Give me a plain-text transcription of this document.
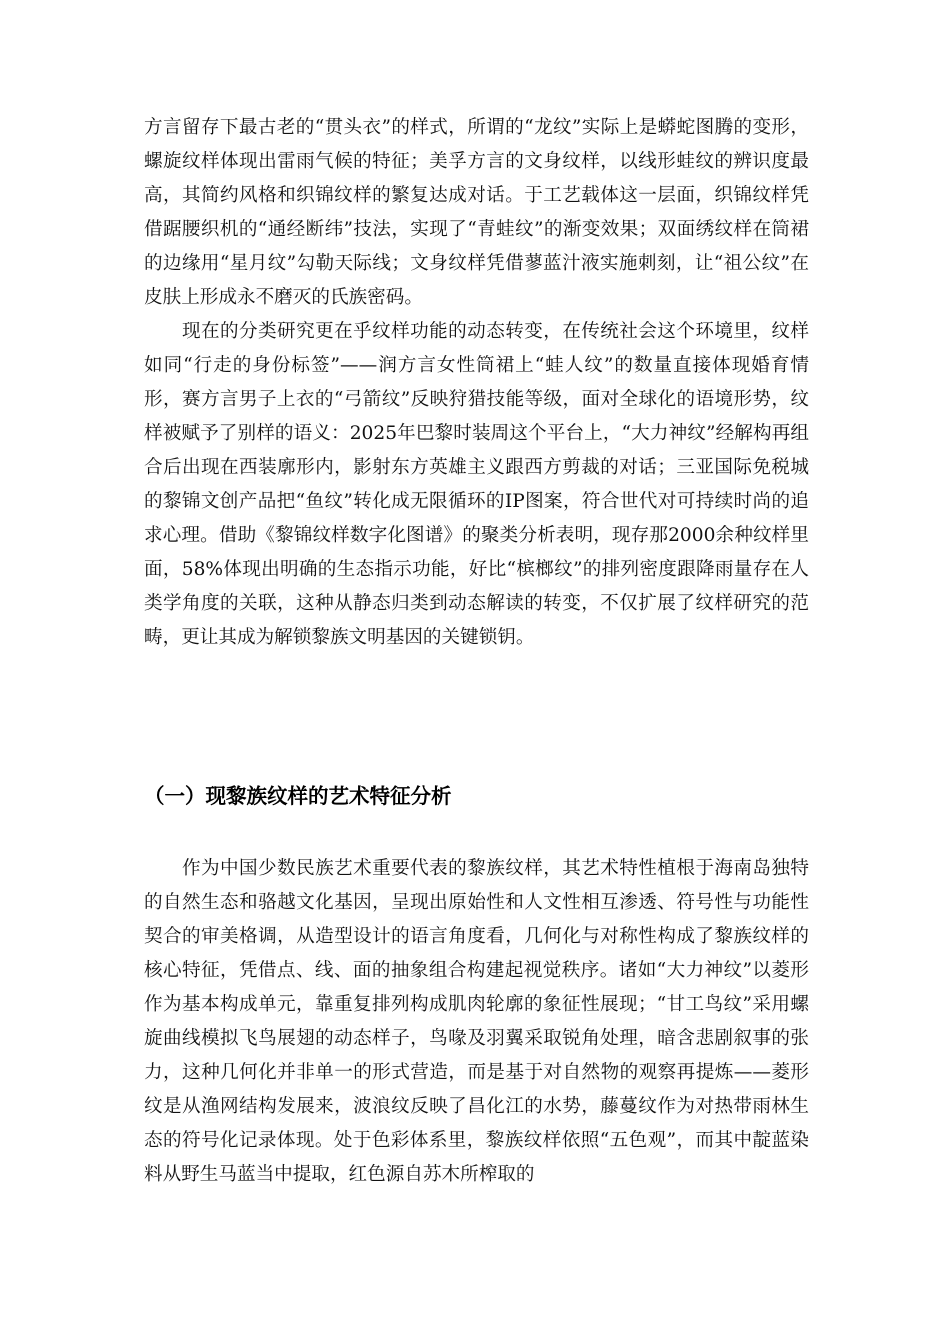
方言留存下最古老的“贯头衣”的样式，所谓的“龙纹”实际上是蟒蛇图腾的变形，螺旋纹样体现出雷雨气候的特征；美孚方言的文身纹样，以线形蛙纹的辨识度最高，其简约风格和织锦纹样的繁复达成对话。于工艺载体这一层面，织锦纹样凭借踞腰织机的“通经断纬”技法，实现了“青蛙纹”的渐变效果；双面绣纹样在筒裙的边缘用“星月纹”勾勒天际线；文身纹样凭借蓼蓝汁液实施刺刻，让“祖公纹”在皮肤上形成永不磨灭的氏族密码。

现在的分类研究更在乎纹样功能的动态转变，在传统社会这个环境里，纹样如同“行走的身份标签”——润方言女性筒裙上“蛙人纹”的数量直接体现婚育情形，赛方言男子上衣的“弓箭纹”反映狩猎技能等级，面对全球化的语境形势，纹样被赋予了别样的语义：2025年巴黎时装周这个平台上，“大力神纹”经解构再组合后出现在西装廓形内，影射东方英雄主义跟西方剪裁的对话；三亚国际免税城的黎锦文创产品把“鱼纹”转化成无限循环的IP图案，符合世代对可持续时尚的追求心理。借助《黎锦纹样数字化图谱》的聚类分析表明，现存那2000余种纹样里面，58%体现出明确的生态指示功能，好比“槟榔纹”的排列密度跟降雨量存在人类学角度的关联，这种从静态归类到动态解读的转变，不仅扩展了纹样研究的范畴，更让其成为解锁黎族文明基因的关键锁钥。

（一）现黎族纹样的艺术特征分析

作为中国少数民族艺术重要代表的黎族纹样，其艺术特性植根于海南岛独特的自然生态和骆越文化基因，呈现出原始性和人文性相互渗透、符号性与功能性契合的审美格调，从造型设计的语言角度看，几何化与对称性构成了黎族纹样的核心特征，凭借点、线、面的抽象组合构建起视觉秩序。诸如“大力神纹”以菱形作为基本构成单元，靠重复排列构成肌肉轮廓的象征性展现；“甘工鸟纹”采用螺旋曲线模拟飞鸟展翅的动态样子，鸟喙及羽翼采取锐角处理，暗含悲剧叙事的张力，这种几何化并非单一的形式营造，而是基于对自然物的观察再提炼——菱形纹是从渔网结构发展来，波浪纹反映了昌化江的水势，藤蔓纹作为对热带雨林生态的符号化记录体现。处于色彩体系里，黎族纹样依照“五色观”，而其中靛蓝染料从野生马蓝当中提取，红色源自苏木所榨取的
